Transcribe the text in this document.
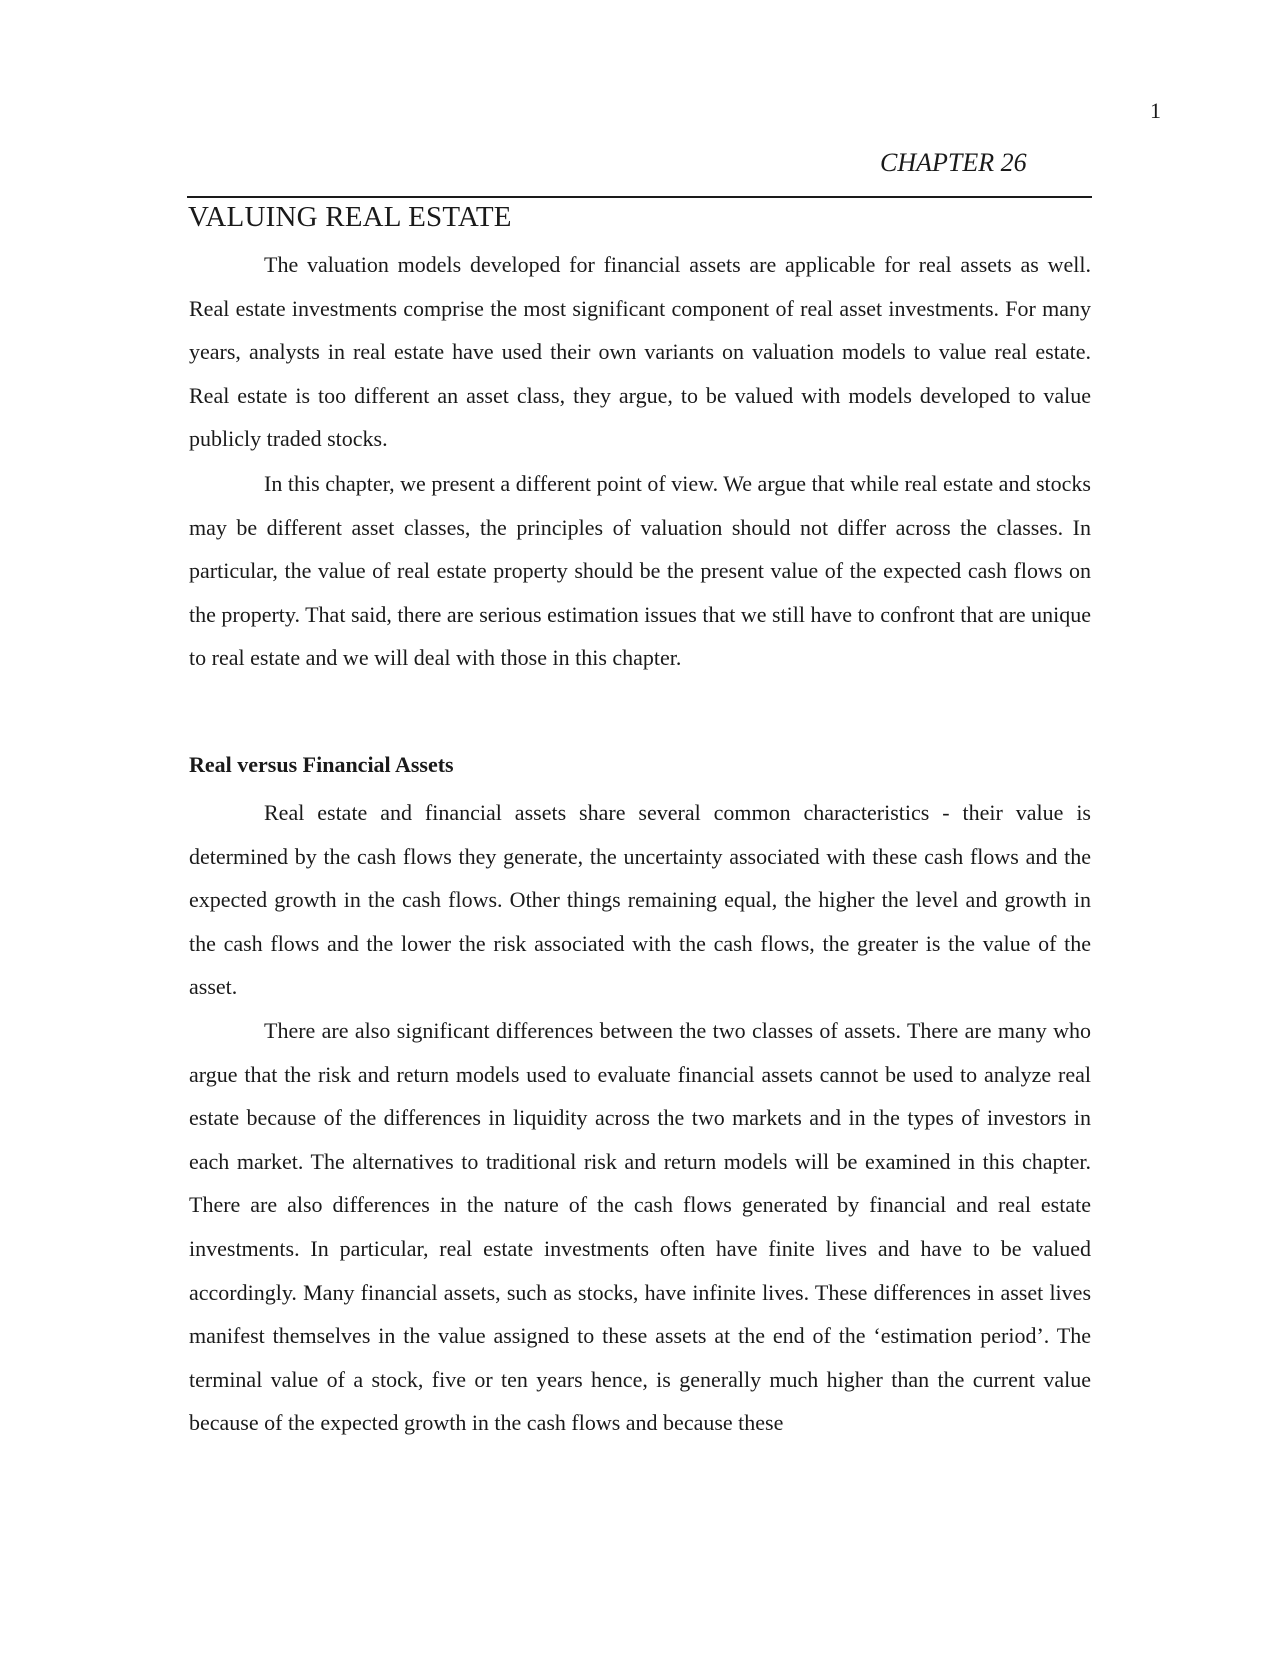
1
CHAPTER 26
VALUING REAL ESTATE

The valuation models developed for financial assets are applicable for real assets as well. Real estate investments comprise the most significant component of real asset investments. For many years, analysts in real estate have used their own variants on valuation models to value real estate. Real estate is too different an asset class, they argue, to be valued with models developed to value publicly traded stocks.

In this chapter, we present a different point of view. We argue that while real estate and stocks may be different asset classes, the principles of valuation should not differ across the classes. In particular, the value of real estate property should be the present value of the expected cash flows on the property. That said, there are serious estimation issues that we still have to confront that are unique to real estate and we will deal with those in this chapter.

Real versus Financial Assets

Real estate and financial assets share several common characteristics - their value is determined by the cash flows they generate, the uncertainty associated with these cash flows and the expected growth in the cash flows. Other things remaining equal, the higher the level and growth in the cash flows and the lower the risk associated with the cash flows, the greater is the value of the asset.

There are also significant differences between the two classes of assets. There are many who argue that the risk and return models used to evaluate financial assets cannot be used to analyze real estate because of the differences in liquidity across the two markets and in the types of investors in each market. The alternatives to traditional risk and return models will be examined in this chapter. There are also differences in the nature of the cash flows generated by financial and real estate investments. In particular, real estate investments often have finite lives and have to be valued accordingly. Many financial assets, such as stocks, have infinite lives. These differences in asset lives manifest themselves in the value assigned to these assets at the end of the ‘estimation period’. The terminal value of a stock, five or ten years hence, is generally much higher than the current value because of the expected growth in the cash flows and because these
